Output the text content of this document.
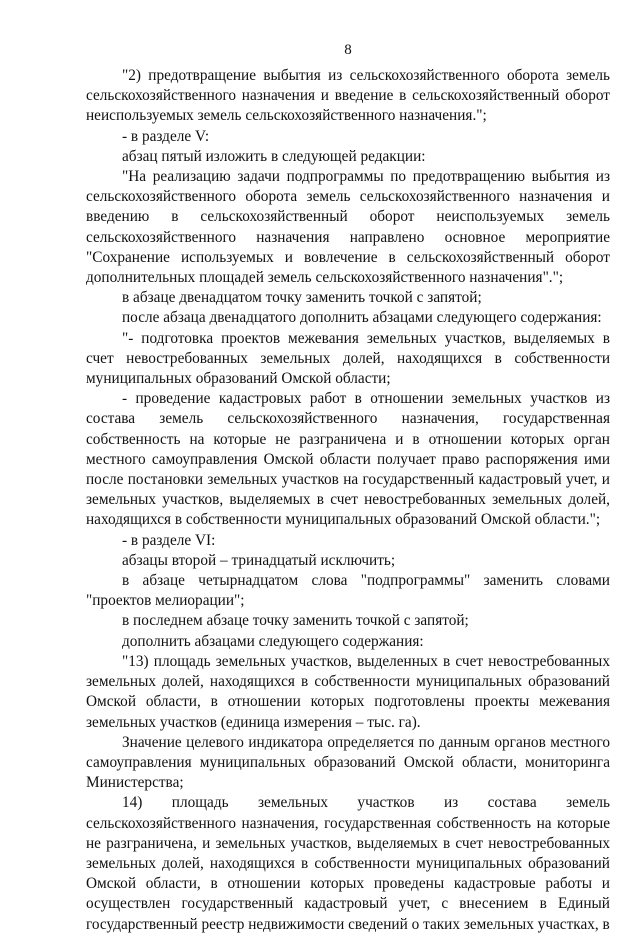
8

"2) предотвращение выбытия из сельскохозяйственного оборота земель сельскохозяйственного назначения и введение в сельскохозяйственный оборот неиспользуемых земель сельскохозяйственного назначения.";

- в разделе V:

абзац пятый изложить в следующей редакции:

"На реализацию задачи подпрограммы по предотвращению выбытия из сельскохозяйственного оборота земель сельскохозяйственного назначения и введению в сельскохозяйственный оборот неиспользуемых земель сельскохозяйственного назначения направлено основное мероприятие "Сохранение используемых и вовлечение в сельскохозяйственный оборот дополнительных площадей земель сельскохозяйственного назначения".";

в абзаце двенадцатом точку заменить точкой с запятой;

после абзаца двенадцатого дополнить абзацами следующего содержания:

"- подготовка проектов межевания земельных участков, выделяемых в счет невостребованных земельных долей, находящихся в собственности муниципальных образований Омской области;

- проведение кадастровых работ в отношении земельных участков из состава земель сельскохозяйственного назначения, государственная собственность на которые не разграничена и в отношении которых орган местного самоуправления Омской области получает право распоряжения ими после постановки земельных участков на государственный кадастровый учет, и земельных участков, выделяемых в счет невостребованных земельных долей, находящихся в собственности муниципальных образований Омской области.";

- в разделе VI:

абзацы второй – тринадцатый исключить;

в абзаце четырнадцатом слова "подпрограммы" заменить словами "проектов мелиорации";

в последнем абзаце точку заменить точкой с запятой;

дополнить абзацами следующего содержания:

"13) площадь земельных участков, выделенных в счет невостребованных земельных долей, находящихся в собственности муниципальных образований Омской области, в отношении которых подготовлены проекты межевания земельных участков (единица измерения – тыс. га).

Значение целевого индикатора определяется по данным органов местного самоуправления муниципальных образований Омской области, мониторинга Министерства;

14) площадь земельных участков из состава земель сельскохозяйственного назначения, государственная собственность на которые не разграничена, и земельных участков, выделяемых в счет невостребованных земельных долей, находящихся в собственности муниципальных образований Омской области, в отношении которых проведены кадастровые работы и осуществлен государственный кадастровый учет, с внесением в Единый государственный реестр недвижимости сведений о таких земельных участках, в
